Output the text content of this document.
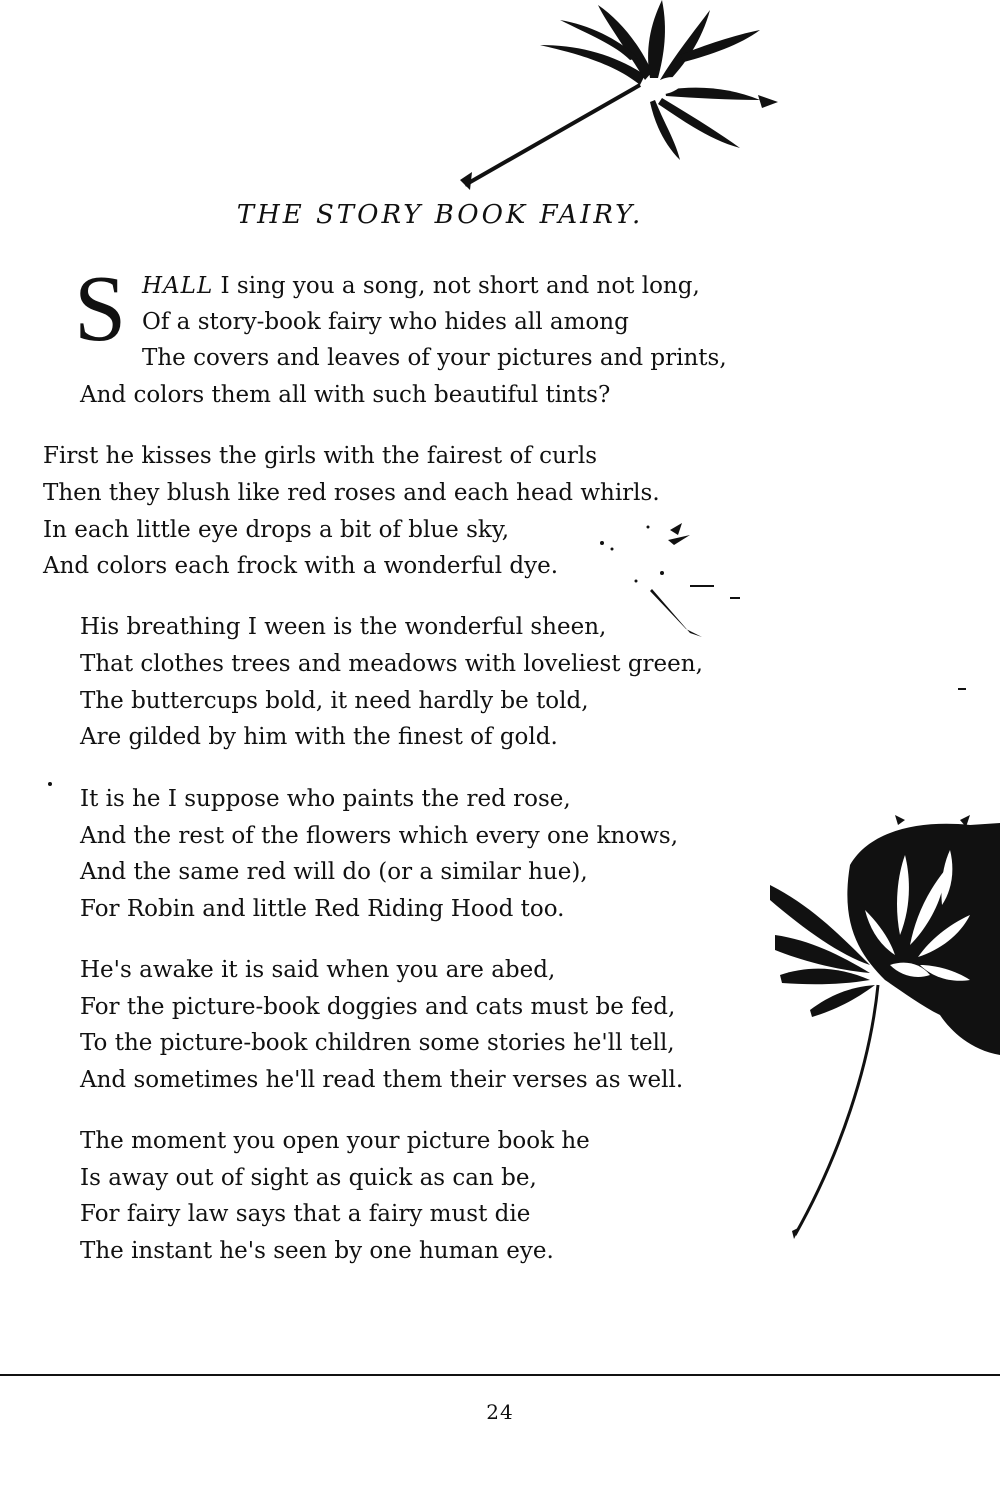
THE STORY BOOK FAIRY.
S HALL I sing you a song, not short and not long,

Of a story-book fairy who hides all among

The covers and leaves of your pictures and prints,

And colors them all with such beautiful tints?

First he kisses the girls with the fairest of curls

Then they blush like red roses and each head whirls.

In each little eye drops a bit of blue sky,

And colors each frock with a wonderful dye.

His breathing I ween is the wonderful sheen,

That clothes trees and meadows with loveliest green,

The buttercups bold, it need hardly be told,

Are gilded by him with the finest of gold.

It is he I suppose who paints the red rose,

And the rest of the flowers which every one knows,

And the same red will do (or a similar hue),

For Robin and little Red Riding Hood too.

He's awake it is said when you are abed,

For the picture-book doggies and cats must be fed,

To the picture-book children some stories he'll tell,

And sometimes he'll read them their verses as well.

The moment you open your picture book he

Is away out of sight as quick as can be,

For fairy law says that a fairy must die

The instant he's seen by one human eye.

24
